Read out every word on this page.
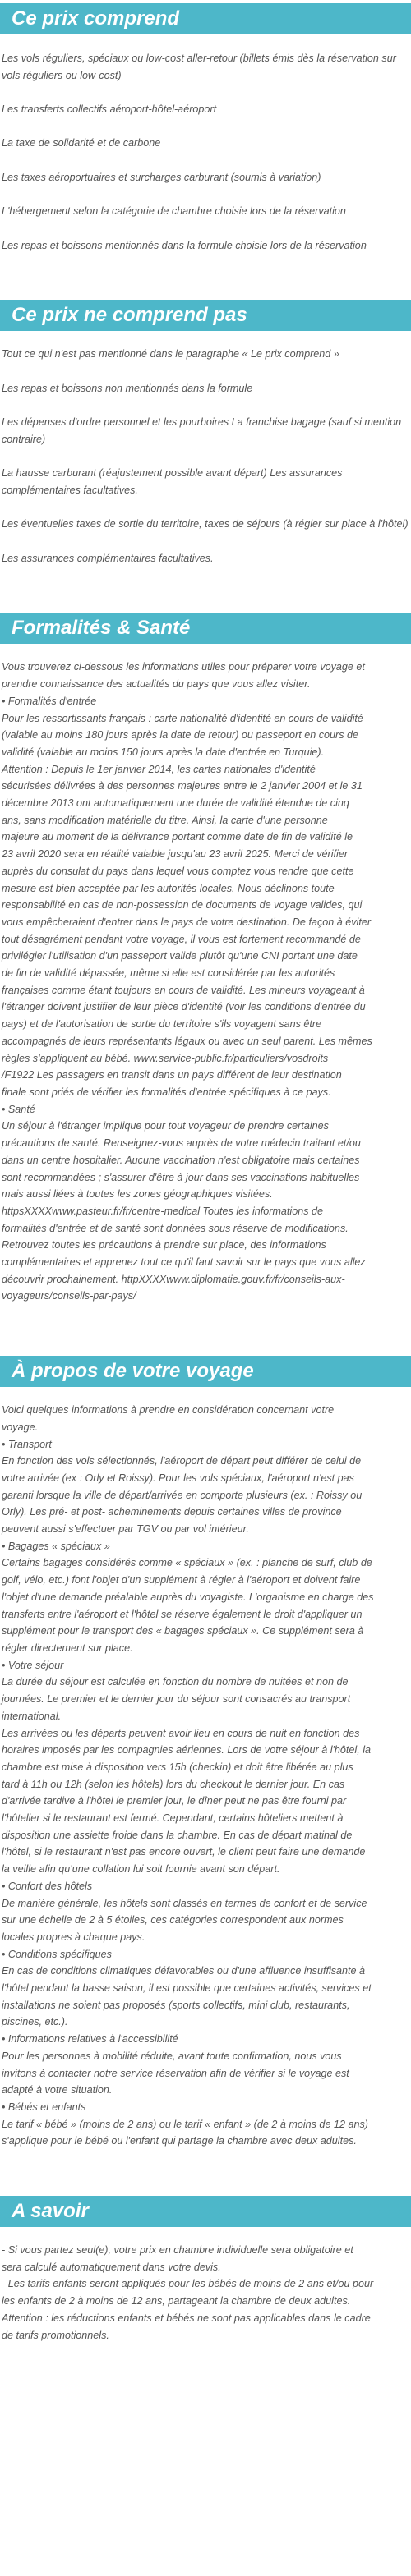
Ce prix comprend

Les vols réguliers, spéciaux ou low-cost aller-retour (billets émis dès la réservation sur vols réguliers ou low-cost)

Les transferts collectifs aéroport-hôtel-aéroport

La taxe de solidarité et de carbone

Les taxes aéroportuaires et surcharges carburant (soumis à variation)

L'hébergement selon la catégorie de chambre choisie lors de la réservation

Les repas et boissons mentionnés dans la formule choisie lors de la réservation

Ce prix ne comprend pas

Tout ce qui n'est pas mentionné dans le paragraphe « Le prix comprend »

Les repas et boissons non mentionnés dans la formule

Les dépenses d'ordre personnel et les pourboires La franchise bagage (sauf si mention contraire)

La hausse carburant (réajustement possible avant départ) Les assurances complémentaires facultatives.

Les éventuelles taxes de sortie du territoire, taxes de séjours (à régler sur place à l'hôtel)

Les assurances complémentaires facultatives.

Formalités & Santé

Vous trouverez ci-dessous les informations utiles pour préparer votre voyage et

prendre connaissance des actualités du pays que vous allez visiter.

• Formalités d'entrée

Pour les ressortissants français : carte nationalité d'identité en cours de validité

(valable au moins 180 jours après la date de retour) ou passeport en cours de

validité (valable au moins 150 jours après la date d'entrée en Turquie).

Attention : Depuis le 1er janvier 2014, les cartes nationales d'identité

sécurisées délivrées à des personnes majeures entre le 2 janvier 2004 et le 31

décembre 2013 ont automatiquement une durée de validité étendue de cinq

ans, sans modification matérielle du titre. Ainsi, la carte d'une personne

majeure au moment de la délivrance portant comme date de fin de validité le

23 avril 2020 sera en réalité valable jusqu'au 23 avril 2025. Merci de vérifier

auprès du consulat du pays dans lequel vous comptez vous rendre que cette

mesure est bien acceptée par les autorités locales. Nous déclinons toute

responsabilité en cas de non-possession de documents de voyage valides, qui

vous empêcheraient d'entrer dans le pays de votre destination. De façon à éviter

tout désagrément pendant votre voyage, il vous est fortement recommandé de

privilégier l'utilisation d'un passeport valide plutôt qu'une CNI portant une date

de fin de validité dépassée, même si elle est considérée par les autorités

françaises comme étant toujours en cours de validité. Les mineurs voyageant à

l'étranger doivent justifier de leur pièce d'identité (voir les conditions d'entrée du

pays) et de l'autorisation de sortie du territoire s'ils voyagent sans être

accompagnés de leurs représentants légaux ou avec un seul parent. Les mêmes

règles s'appliquent au bébé. www.service-public.fr/particuliers/vosdroits

/F1922 Les passagers en transit dans un pays différent de leur destination

finale sont priés de vérifier les formalités d'entrée spécifiques à ce pays.

• Santé

Un séjour à l'étranger implique pour tout voyageur de prendre certaines

précautions de santé. Renseignez-vous auprès de votre médecin traitant et/ou

dans un centre hospitalier. Aucune vaccination n'est obligatoire mais certaines

sont recommandées ; s'assurer d'être à jour dans ses vaccinations habituelles

mais aussi liées à toutes les zones géographiques visitées.

httpsXXXXwww.pasteur.fr/fr/centre-medical Toutes les informations de

formalités d'entrée et de santé sont données sous réserve de modifications.

Retrouvez toutes les précautions à prendre sur place, des informations

complémentaires et apprenez tout ce qu'il faut savoir sur le pays que vous allez

découvrir prochainement. httpXXXXwww.diplomatie.gouv.fr/fr/conseils-aux-

voyageurs/conseils-par-pays/

À propos de votre voyage

Voici quelques informations à prendre en considération concernant votre

voyage.

• Transport

En fonction des vols sélectionnés, l'aéroport de départ peut différer de celui de

votre arrivée (ex : Orly et Roissy). Pour les vols spéciaux, l'aéroport n'est pas

garanti lorsque la ville de départ/arrivée en comporte plusieurs (ex. : Roissy ou

Orly). Les pré- et post- acheminements depuis certaines villes de province

peuvent aussi s'effectuer par TGV ou par vol intérieur.

• Bagages « spéciaux »

Certains bagages considérés comme « spéciaux » (ex. : planche de surf, club de

golf, vélo, etc.) font l'objet d'un supplément à régler à l'aéroport et doivent faire

l'objet d'une demande préalable auprès du voyagiste. L'organisme en charge des

transferts entre l'aéroport et l'hôtel se réserve également le droit d'appliquer un

supplément pour le transport des « bagages spéciaux ». Ce supplément sera à

régler directement sur place.

• Votre séjour

La durée du séjour est calculée en fonction du nombre de nuitées et non de

journées. Le premier et le dernier jour du séjour sont consacrés au transport

international.

Les arrivées ou les départs peuvent avoir lieu en cours de nuit en fonction des

horaires imposés par les compagnies aériennes. Lors de votre séjour à l'hôtel, la

chambre est mise à disposition vers 15h (checkin) et doit être libérée au plus

tard à 11h ou 12h (selon les hôtels) lors du checkout le dernier jour. En cas

d'arrivée tardive à l'hôtel le premier jour, le dîner peut ne pas être fourni par

l'hôtelier si le restaurant est fermé. Cependant, certains hôteliers mettent à

disposition une assiette froide dans la chambre. En cas de départ matinal de

l'hôtel, si le restaurant n'est pas encore ouvert, le client peut faire une demande

la veille afin qu'une collation lui soit fournie avant son départ.

• Confort des hôtels

De manière générale, les hôtels sont classés en termes de confort et de service

sur une échelle de 2 à 5 étoiles, ces catégories correspondent aux normes

locales propres à chaque pays.

• Conditions spécifiques

En cas de conditions climatiques défavorables ou d'une affluence insuffisante à

l'hôtel pendant la basse saison, il est possible que certaines activités, services et

installations ne soient pas proposés (sports collectifs, mini club, restaurants,

piscines, etc.).

• Informations relatives à l'accessibilité

Pour les personnes à mobilité réduite, avant toute confirmation, nous vous

invitons à contacter notre service réservation afin de vérifier si le voyage est

adapté à votre situation.

• Bébés et enfants

Le tarif « bébé » (moins de 2 ans) ou le tarif « enfant » (de 2 à moins de 12 ans)

s'applique pour le bébé ou l'enfant qui partage la chambre avec deux adultes.

A savoir

- Si vous partez seul(e), votre prix en chambre individuelle sera obligatoire et

sera calculé automatiquement dans votre devis.

- Les tarifs enfants seront appliqués pour les bébés de moins de 2 ans et/ou pour

les enfants de 2 à moins de 12 ans, partageant la chambre de deux adultes.

Attention : les réductions enfants et bébés ne sont pas applicables dans le cadre

de tarifs promotionnels.
